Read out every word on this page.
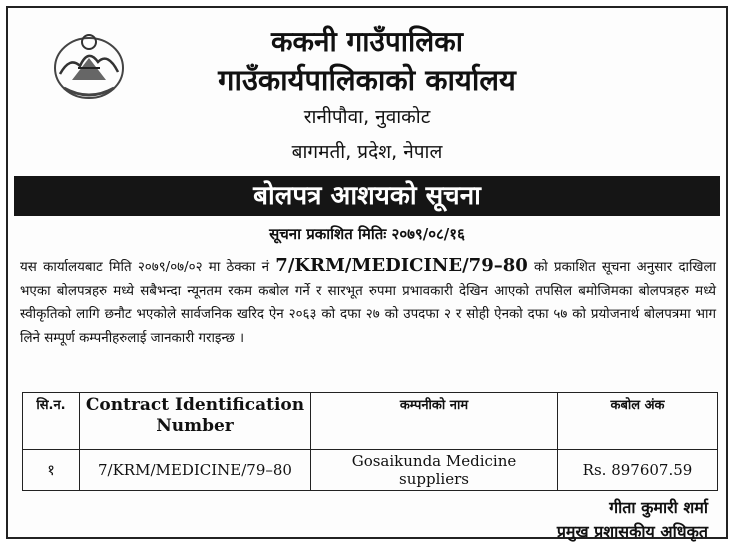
ककनी गाउँपालिका
गाउँकार्यपालिकाको कार्यालय
रानीपौवा, नुवाकोट
बागमती, प्रदेश, नेपाल
बोलपत्र आशयको सूचना
सूचना प्रकाशित मितिः २०७९/०८/१६

यस कार्यालयबाट मिति २०७९/०७/०२ मा ठेक्का नं 7/KRM/MEDICINE/79–80 को प्रकाशित सूचना अनुसार दाखिला भएका बोलपत्रहरु मध्ये सबैभन्दा न्यूनतम रकम कबोल गर्ने र सारभूत रुपमा प्रभावकारी देखिन आएको तपसिल बमोजिमका बोलपत्रहरु मध्ये स्वीकृतिको लागि छनौट भएकोले सार्वजनिक खरिद ऐन २०६३ को दफा २७ को उपदफा २ र सोही ऐनको दफा ५७ को प्रयोजनार्थ बोलपत्रमा भाग लिने सम्पूर्ण कम्पनीहरुलाई जानकारी गराइन्छ ।

सि.न.	Contract Identification Number	कम्पनीको नाम	कबोल अंक
१	7/KRM/MEDICINE/79–80	Gosaikunda Medicine suppliers	Rs. 897607.59
गीता कुमारी शर्मा
प्रमुख प्रशासकीय अधिकृत
